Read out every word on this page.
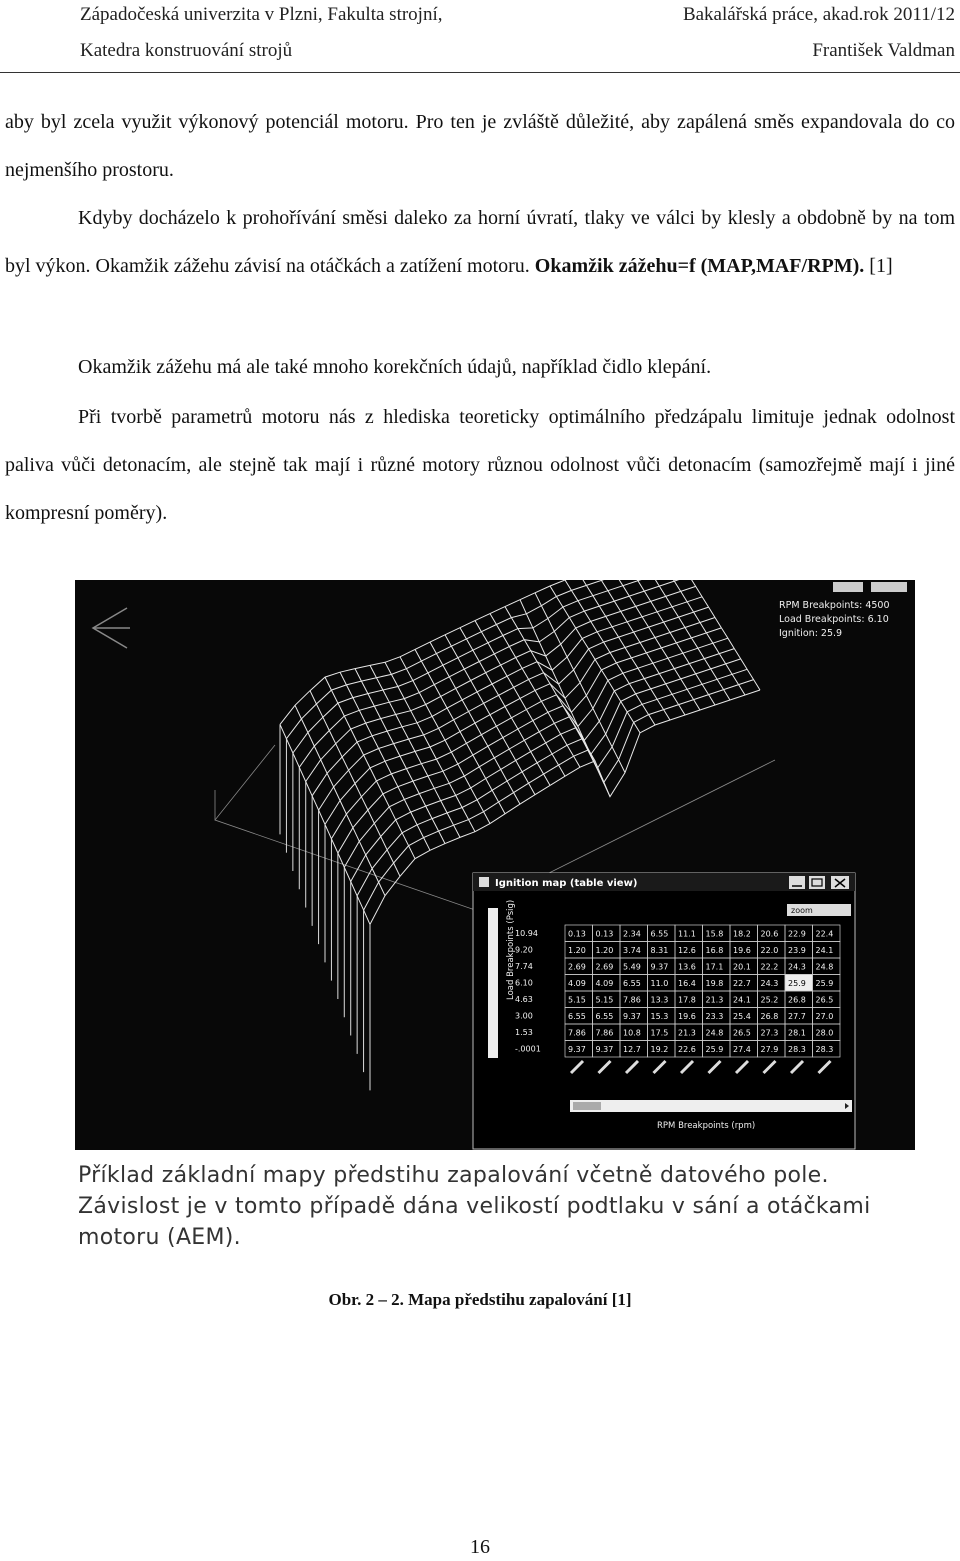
Západočeská univerzita v Plzni, Fakulta strojní,	Bakalářská práce, akad.rok 2011/12
Katedra konstruování strojů	František Valdman
aby byl zcela využit výkonový potenciál motoru. Pro ten je zvláště důležité, aby zapálená směs expandovala do co nejmenšího prostoru.
Kdyby docházelo k prohořívání směsi daleko za horní úvratí, tlaky ve válci by klesly a obdobně by na tom byl výkon. Okamžik zážehu závisí na otáčkách a zatížení motoru. Okamžik zážehu=f (MAP,MAF/RPM). [1]
Okamžik zážehu má ale také mnoho korekčních údajů, například čidlo klepání.
Při tvorbě parametrů motoru nás z hlediska teoreticky optimálního předzápalu limituje jednak odolnost paliva vůči detonacím, ale stejně tak mají i různé motory různou odolnost vůči detonacím (samozřejmě mají i jiné kompresní poměry).
RPM Breakpoints: 4500
Load Breakpoints: 6.10
Ignition: 25.9
Ignition map (table view)
zoom
Load Breakpoints (Psig) 10.94
9.20
7.74
6.10
4.63
3.00
1.53
-.0001
0.13 0.13 2.34 6.55 11.1 15.8 18.2 20.6 22.9 22.4
1.20 1.20 3.74 8.31 12.6 16.8 19.6 22.0 23.9 24.1
2.69 2.69 5.49 9.37 13.6 17.1 20.1 22.2 24.3 24.8
4.09 4.09 6.55 11.0 16.4 19.8 22.7 24.3 25.9 25.9
5.15 5.15 7.86 13.3 17.8 21.3 24.1 25.2 26.8 26.5
6.55 6.55 9.37 15.3 19.6 23.3 25.4 26.8 27.7 27.0
7.86 7.86 10.8 17.5 21.3 24.8 26.5 27.3 28.1 28.0
9.37 9.37 12.7 19.2 22.6 25.9 27.4 27.9 28.3 28.3
RPM Breakpoints (rpm)
Příklad základní mapy předstihu zapalování včetně datového pole.
Závislost je v tomto případě dána velikostí podtlaku v sání a otáčkami
motoru (AEM).
Obr. 2 – 2. Mapa předstihu zapalování [1]
16
